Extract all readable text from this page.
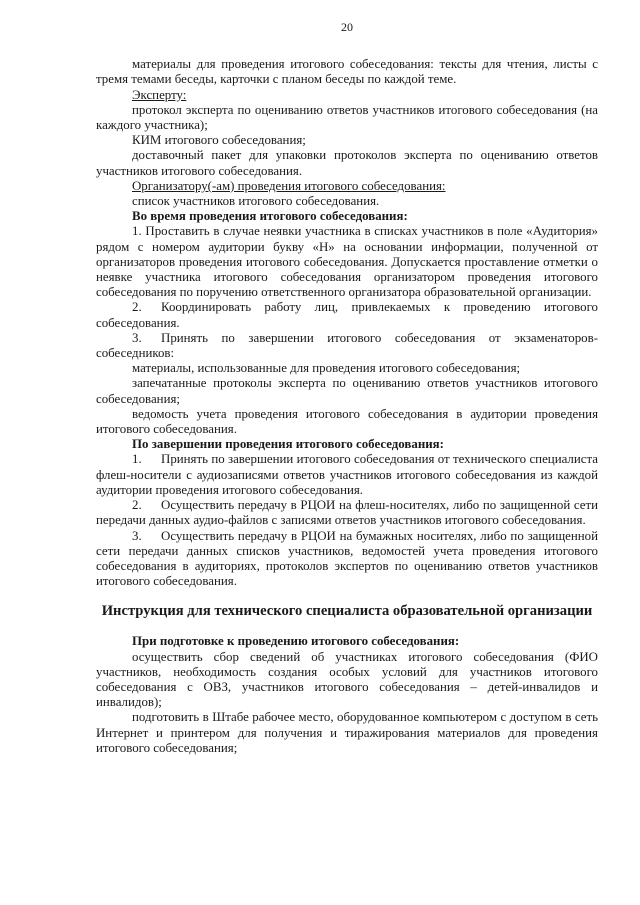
20

материалы для проведения итогового собеседования: тексты для чтения, листы с тремя темами беседы, карточки с планом беседы по каждой теме.

Эксперту:

протокол эксперта по оцениванию ответов участников итогового собеседования (на каждого участника);

КИМ итогового собеседования;

доставочный пакет для упаковки протоколов эксперта по оцениванию ответов участников итогового собеседования.

Организатору(-ам) проведения итогового собеседования:

список участников итогового собеседования.

Во время проведения итогового собеседования:

1. Проставить в случае неявки участника в списках участников в поле «Аудитория» рядом с номером аудитории букву «Н» на основании информации, полученной от организаторов проведения итогового собеседования. Допускается проставление отметки о неявке участника итогового собеседования организатором проведения итогового собеседования по поручению ответственного организатора образовательной организации.

2.  Координировать работу лиц, привлекаемых к проведению итогового собеседования.

3.  Принять по завершении итогового собеседования от экзаменаторов-собеседников:

материалы, использованные для проведения итогового собеседования;

запечатанные протоколы эксперта по оцениванию ответов участников итогового собеседования;

ведомость учета проведения итогового собеседования в аудитории проведения итогового собеседования.

По завершении проведения итогового собеседования:

1.  Принять по завершении итогового собеседования от технического специалиста флеш-носители с аудиозаписями ответов участников итогового собеседования из каждой аудитории проведения итогового собеседования.

2.  Осуществить передачу в РЦОИ на флеш-носителях, либо по защищенной сети передачи данных аудио-файлов с записями ответов участников итогового собеседования.

3.  Осуществить передачу в РЦОИ на бумажных носителях, либо по защищенной сети передачи данных списков участников, ведомостей учета проведения итогового собеседования в аудиториях, протоколов экспертов по оцениванию ответов участников итогового собеседования.

Инструкция для технического специалиста образовательной организации

При подготовке к проведению итогового собеседования:

осуществить сбор сведений об участниках итогового собеседования (ФИО участников, необходимость создания особых условий для участников итогового собеседования с ОВЗ, участников итогового собеседования – детей-инвалидов и инвалидов);

подготовить в Штабе рабочее место, оборудованное компьютером с доступом в сеть Интернет и принтером для получения и тиражирования материалов для проведения итогового собеседования;
